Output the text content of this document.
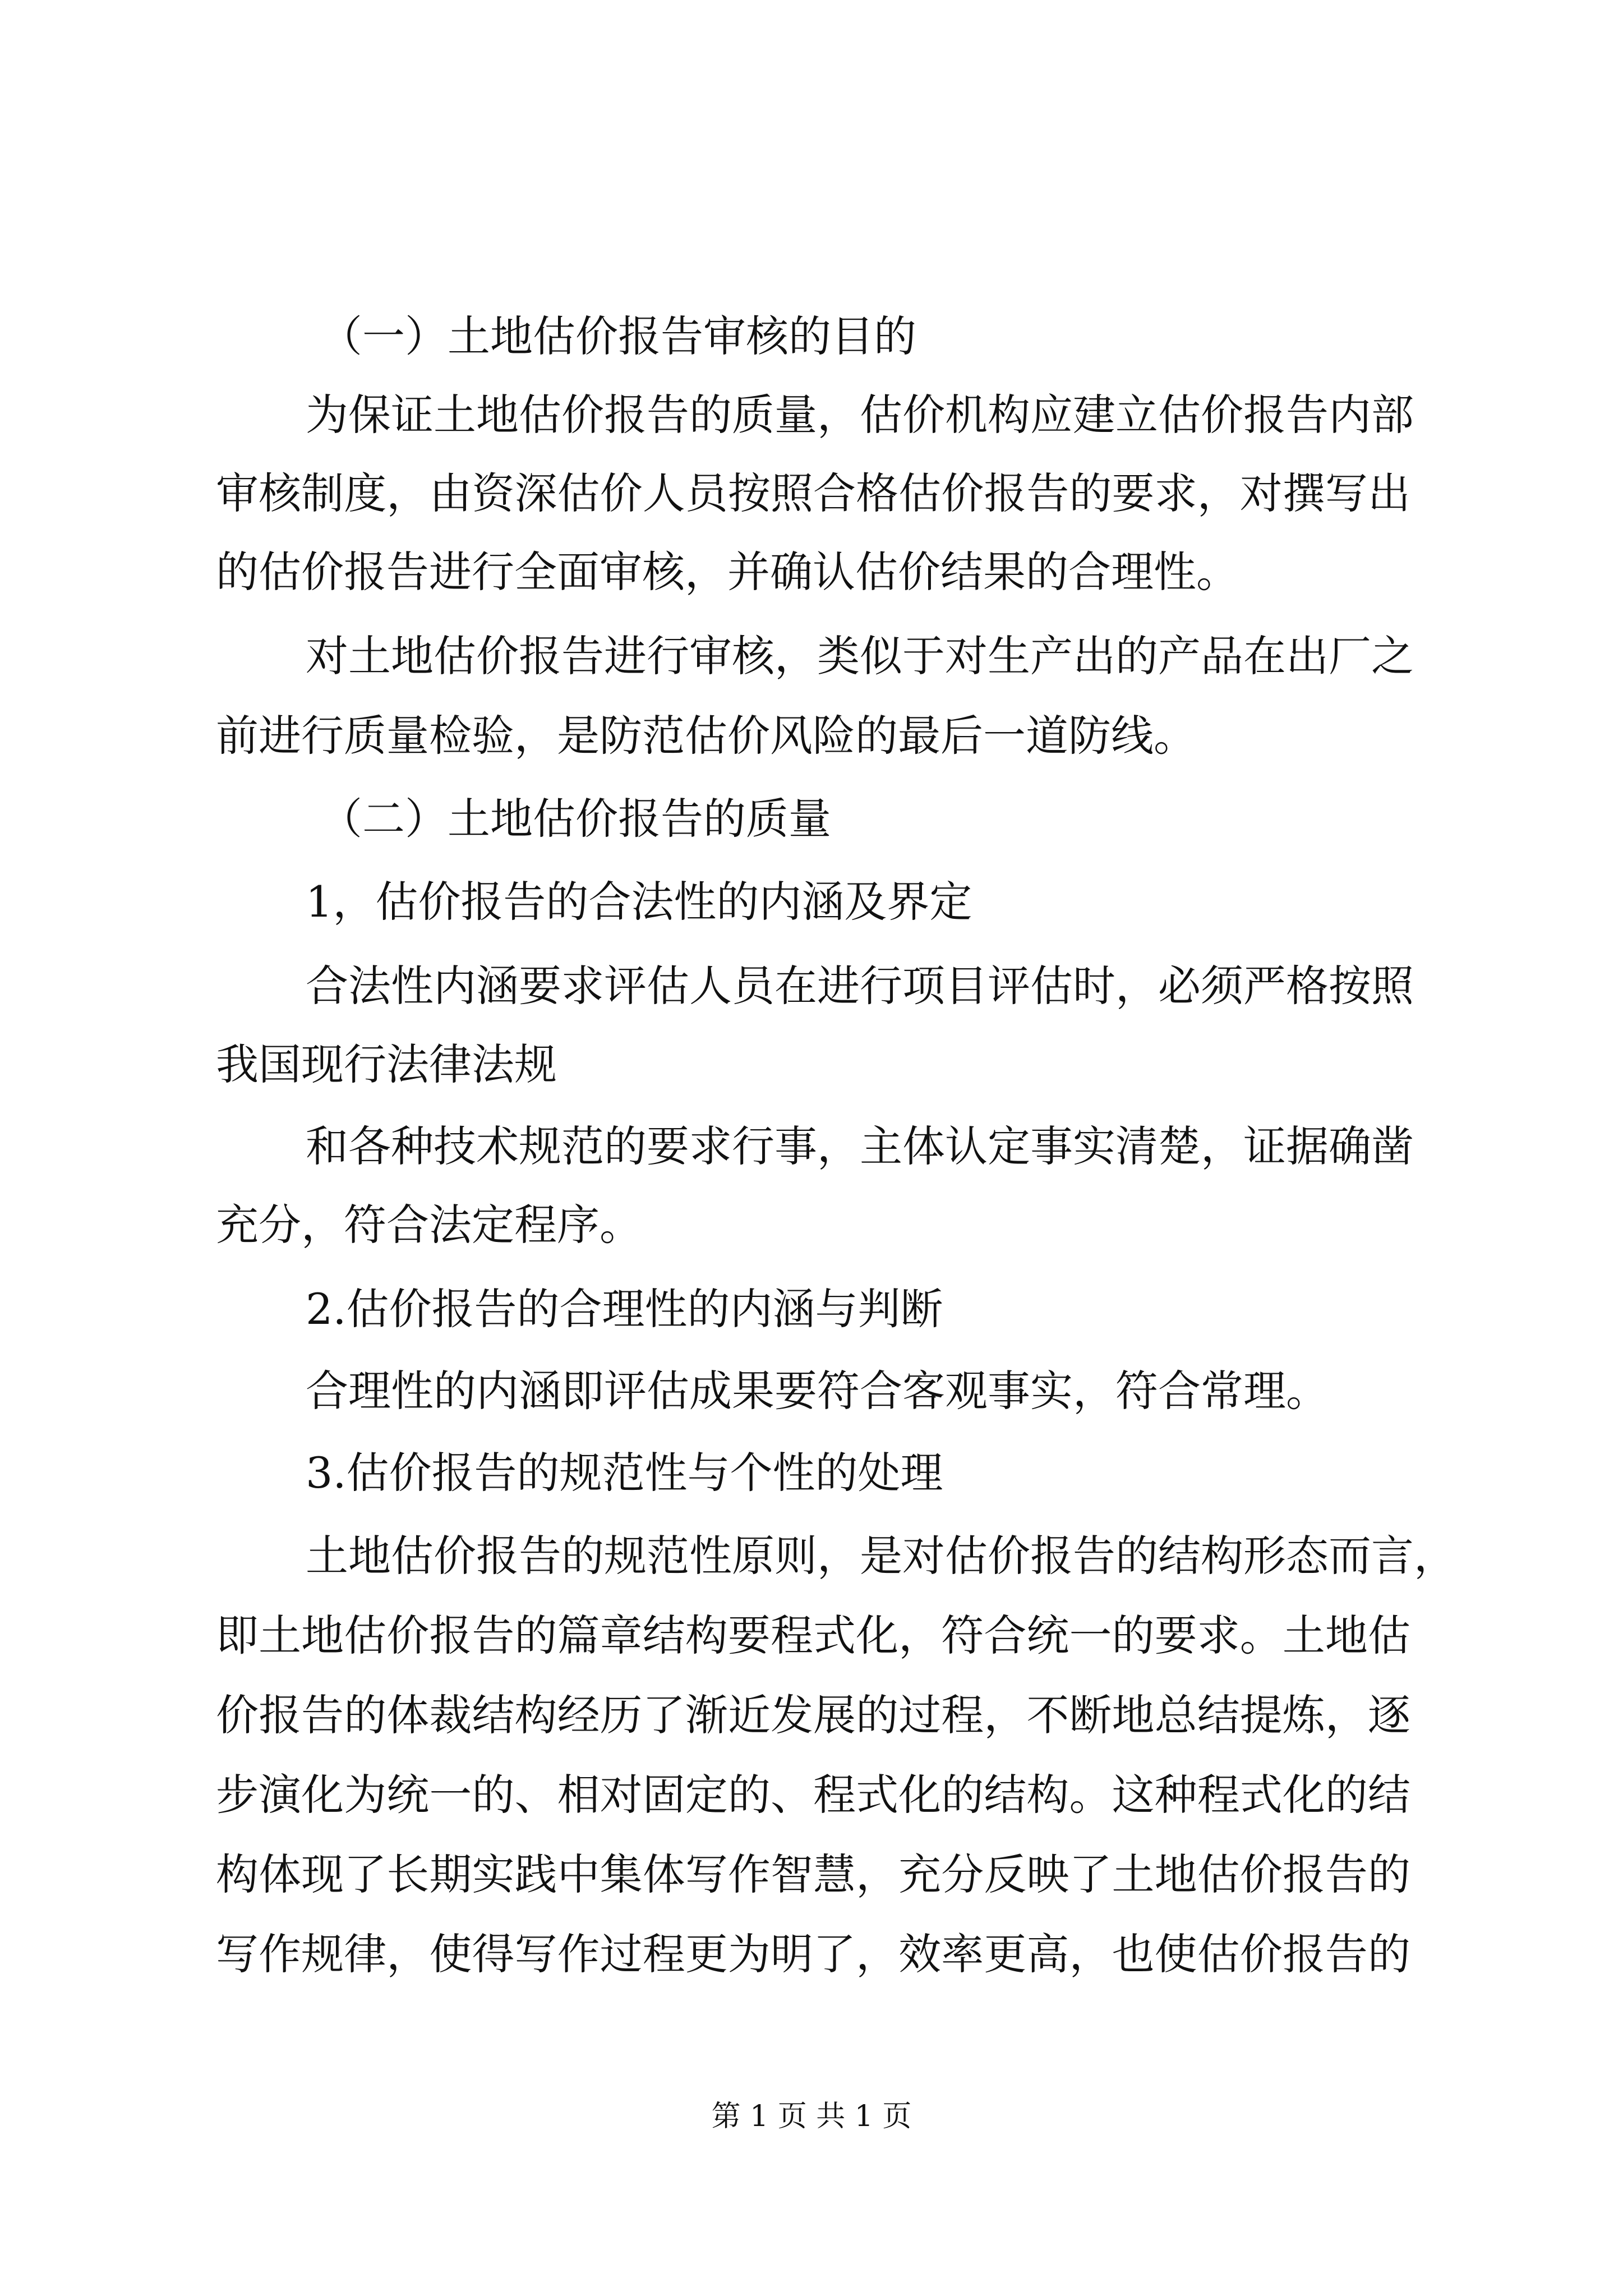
（一）土地估价报告审核的目的
为保证土地估价报告的质量，估价机构应建立估价报告内部
审核制度，由资深估价人员按照合格估价报告的要求，对撰写出
的估价报告进行全面审核，并确认估价结果的合理性。
对土地估价报告进行审核，类似于对生产出的产品在出厂之
前进行质量检验，是防范估价风险的最后一道防线。
（二）土地估价报告的质量
1，估价报告的合法性的内涵及界定
合法性内涵要求评估人员在进行项目评估时，必须严格按照
我国现行法律法规
和各种技术规范的要求行事，主体认定事实清楚，证据确凿
充分，符合法定程序。
2.估价报告的合理性的内涵与判断
合理性的内涵即评估成果要符合客观事实，符合常理。
3.估价报告的规范性与个性的处理
土地估价报告的规范性原则，是对估价报告的结构形态而言，
即土地估价报告的篇章结构要程式化，符合统一的要求。土地估
价报告的体裁结构经历了渐近发展的过程，不断地总结提炼，逐
步演化为统一的、相对固定的、程式化的结构。这种程式化的结
构体现了长期实践中集体写作智慧，充分反映了土地估价报告的
写作规律，使得写作过程更为明了，效率更高，也使估价报告的
第 1 页 共 1 页
